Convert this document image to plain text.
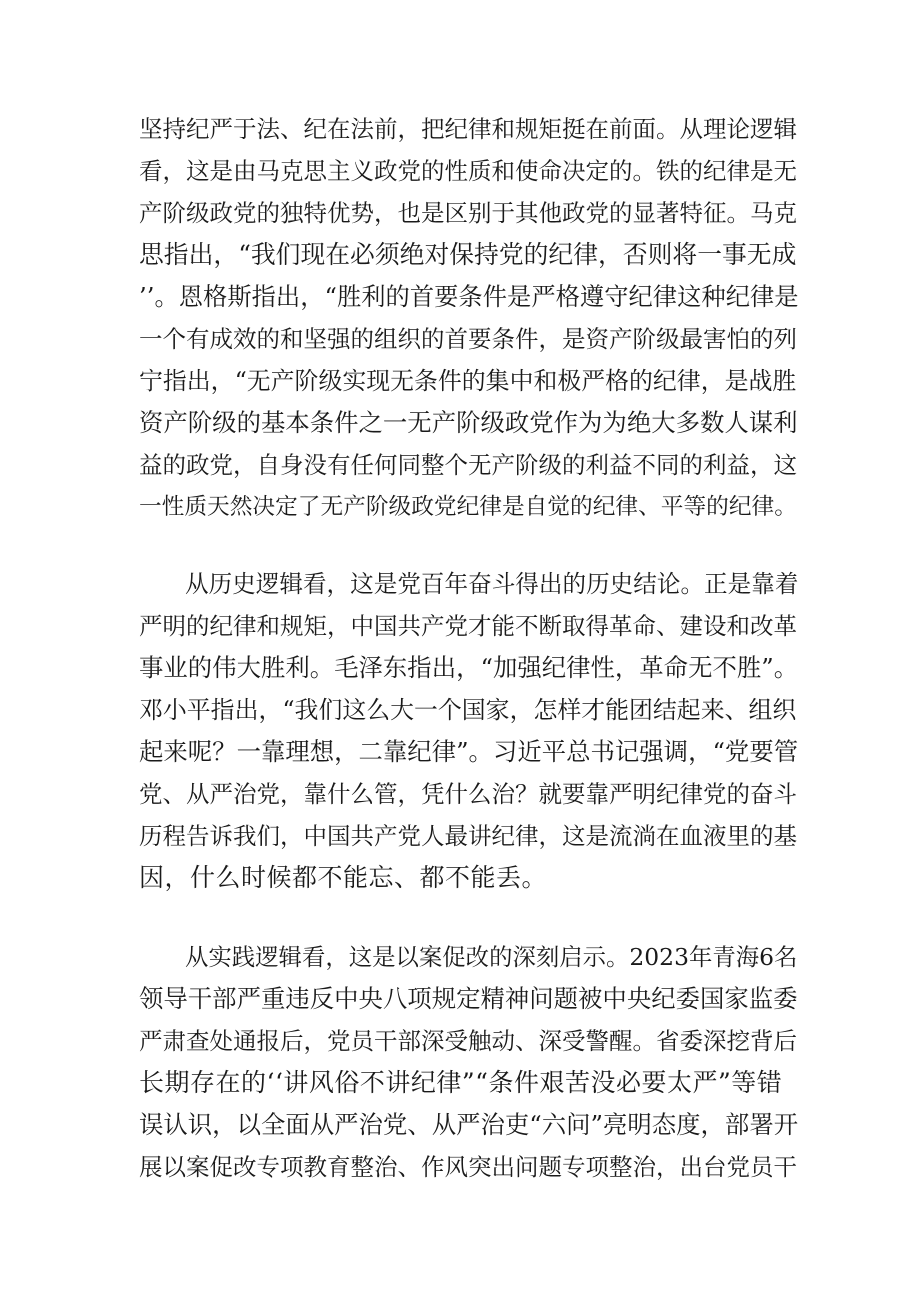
坚持纪严于法、纪在法前，把纪律和规矩挺在前面。从理论逻辑
看，这是由马克思主义政党的性质和使命决定的。铁的纪律是无
产阶级政党的独特优势，也是区别于其他政党的显著特征。马克
思指出，“我们现在必须绝对保持党的纪律，否则将一事无成
’’。恩格斯指出，“胜利的首要条件是严格遵守纪律这种纪律是
一个有成效的和坚强的组织的首要条件，是资产阶级最害怕的列
宁指出，“无产阶级实现无条件的集中和极严格的纪律，是战胜
资产阶级的基本条件之一无产阶级政党作为为绝大多数人谋利
益的政党，自身没有任何同整个无产阶级的利益不同的利益，这
一性质天然决定了无产阶级政党纪律是自觉的纪律、平等的纪律。
从历史逻辑看，这是党百年奋斗得出的历史结论。正是靠着
严明的纪律和规矩，中国共产党才能不断取得革命、建设和改革
事业的伟大胜利。毛泽东指出，“加强纪律性，革命无不胜”。
邓小平指出，“我们这么大一个国家，怎样才能团结起来、组织
起来呢？一靠理想，二靠纪律”。习近平总书记强调，“党要管
党、从严治党，靠什么管，凭什么治？就要靠严明纪律党的奋斗
历程告诉我们，中国共产党人最讲纪律，这是流淌在血液里的基
因，什么时候都不能忘、都不能丢。
从实践逻辑看，这是以案促改的深刻启示。2023年青海6名
领导干部严重违反中央八项规定精神问题被中央纪委国家监委
严肃查处通报后，党员干部深受触动、深受警醒。省委深挖背后
长期存在的‘‘讲风俗不讲纪律”“条件艰苦没必要太严”等错
误认识，以全面从严治党、从严治吏“六问”亮明态度，部署开
展以案促改专项教育整治、作风突出问题专项整治，出台党员干
